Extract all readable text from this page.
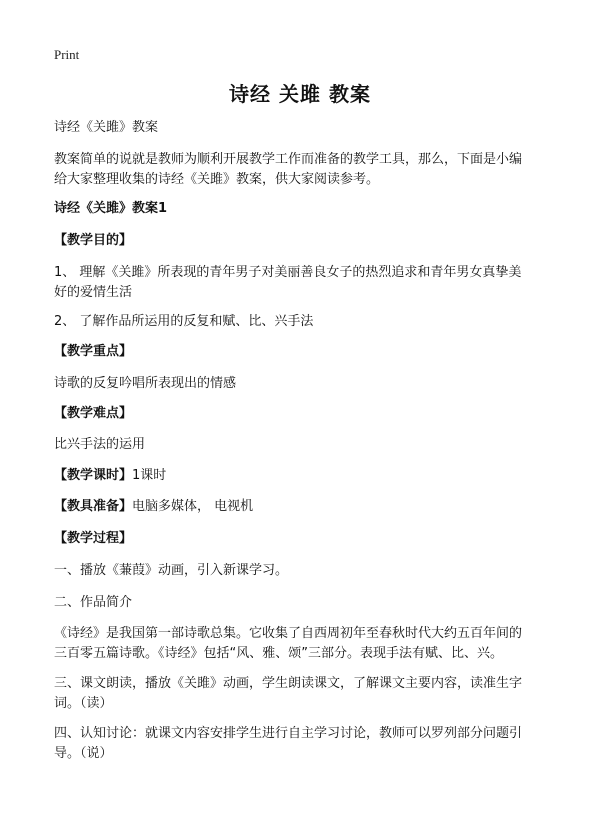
Print
诗经 关雎 教案
诗经《关雎》教案
教案简单的说就是教师为顺利开展教学工作而准备的教学工具，那么，下面是小编
给大家整理收集的诗经《关雎》教案，供大家阅读参考。
诗经《关雎》教案1
【教学目的】
1、 理解《关雎》所表现的青年男子对美丽善良女子的热烈追求和青年男女真挚美
好的爱情生活
2、 了解作品所运用的反复和赋、比、兴手法
【教学重点】
诗歌的反复吟唱所表现出的情感
【教学难点】
比兴手法的运用
【教学课时】1课时
【教具准备】电脑多媒体， 电视机
【教学过程】
一、播放《蒹葭》动画，引入新课学习。
二、作品简介
《诗经》是我国第一部诗歌总集。它收集了自西周初年至春秋时代大约五百年间的
三百零五篇诗歌。《诗经》包括“风、雅、颂”三部分。表现手法有赋、比、兴。
三、课文朗读，播放《关雎》动画，学生朗读课文，了解课文主要内容，读准生字
词。（读）
四、认知讨论：就课文内容安排学生进行自主学习讨论，教师可以罗列部分问题引
导。（说）
